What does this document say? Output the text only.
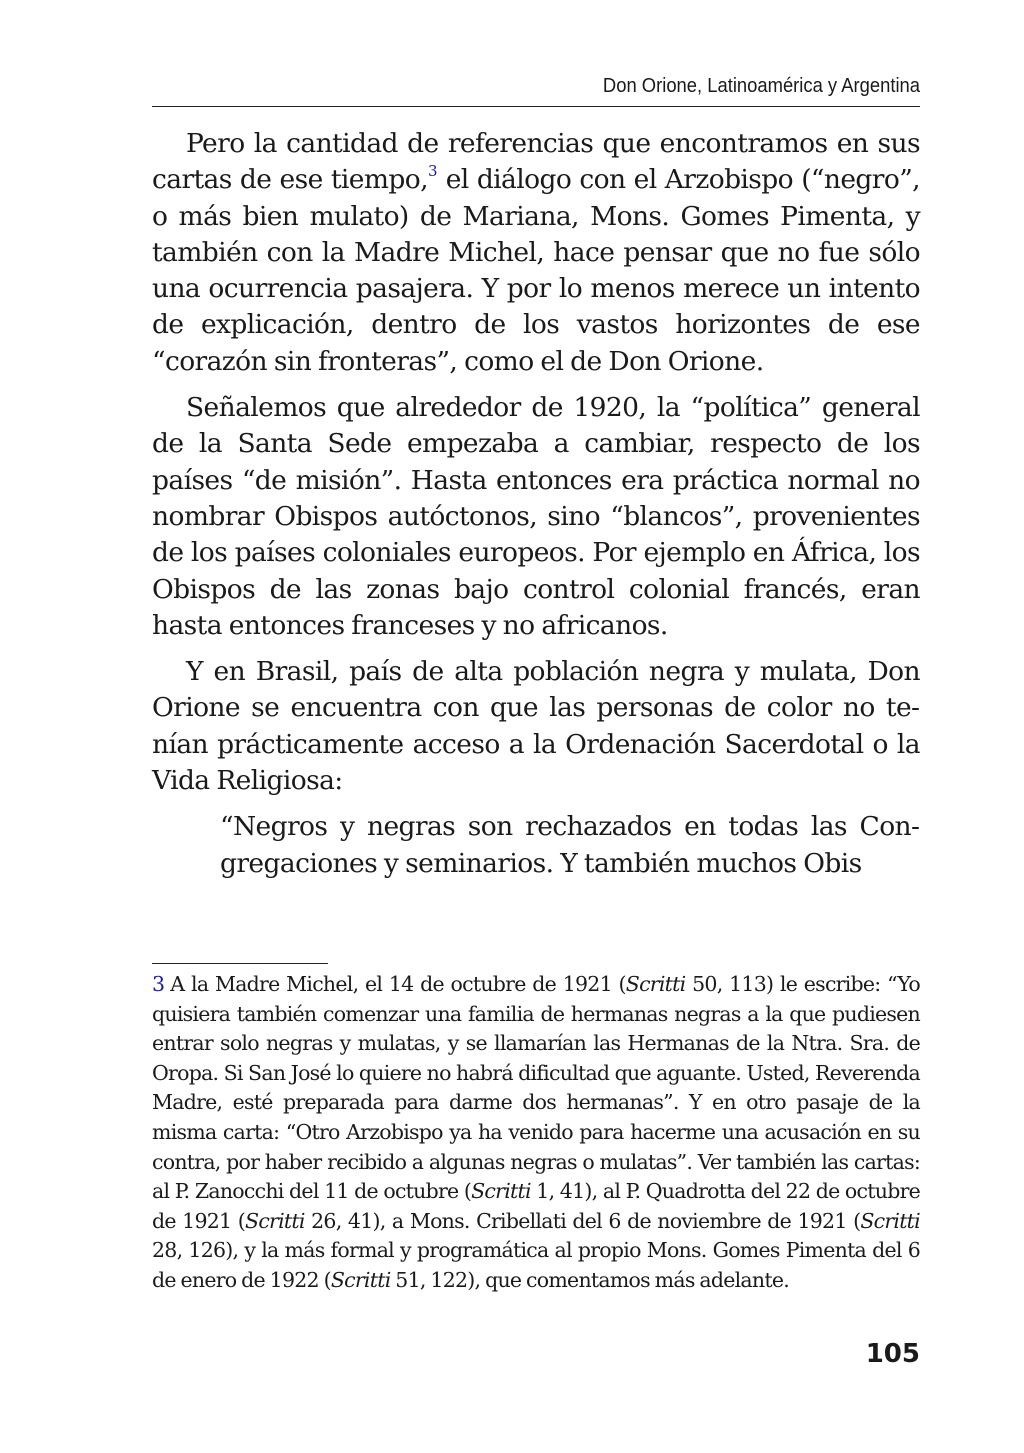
Don Orione, Latinoamérica y Argentina

Pero la cantidad de referencias que encontramos en sus cartas de ese tiempo,$^3$ el diálogo con el Arzobispo (“negro”, o más bien mulato) de Mariana, Mons. Gomes Pimenta, y también con la Madre Michel, hace pensar que no fue sólo una ocurrencia pasajera. Y por lo menos merece un intento de explicación, dentro de los vastos horizontes de ese “corazón sin fronteras”, como el de Don Orione.

Señalemos que alrededor de 1920, la “política” general de la Santa Sede empezaba a cambiar, respecto de los países “de misión”. Hasta entonces era práctica normal no nombrar Obispos autóctonos, sino “blancos”, provenientes de los países coloniales europeos. Por ejemplo en África, los Obispos de las zonas bajo control colonial francés, eran hasta entonces franceses y no africanos.

Y en Brasil, país de alta población negra y mulata, Don Orione se encuentra con que las personas de color no tenían prácticamente acceso a la Ordenación Sacerdotal o la Vida Religiosa:

“Negros y negras son rechazados en todas las Congregaciones y seminarios. Y también muchos Obis

3 A la Madre Michel, el 14 de octubre de 1921 (Scritti 50, 113) le escribe: “Yo quisiera también comenzar una familia de hermanas negras a la que pudiesen entrar solo negras y mulatas, y se llamarían las Hermanas de la Ntra. Sra. de Oropa. Si San José lo quiere no habrá dificultad que aguante. Usted, Reverenda Madre, esté preparada para darme dos hermanas”. Y en otro pasaje de la misma carta: “Otro Arzobispo ya ha venido para hacerme una acusación en su contra, por haber recibido a algunas negras o mulatas”. Ver también las cartas: al P. Zanocchi del 11 de octubre (Scritti 1, 41), al P. Quadrotta del 22 de octubre de 1921 (Scritti 26, 41), a Mons. Cribellati del 6 de noviembre de 1921 (Scritti 28, 126), y la más formal y programática al propio Mons. Gomes Pimenta del 6 de enero de 1922 (Scritti 51, 122), que comentamos más adelante.

105
